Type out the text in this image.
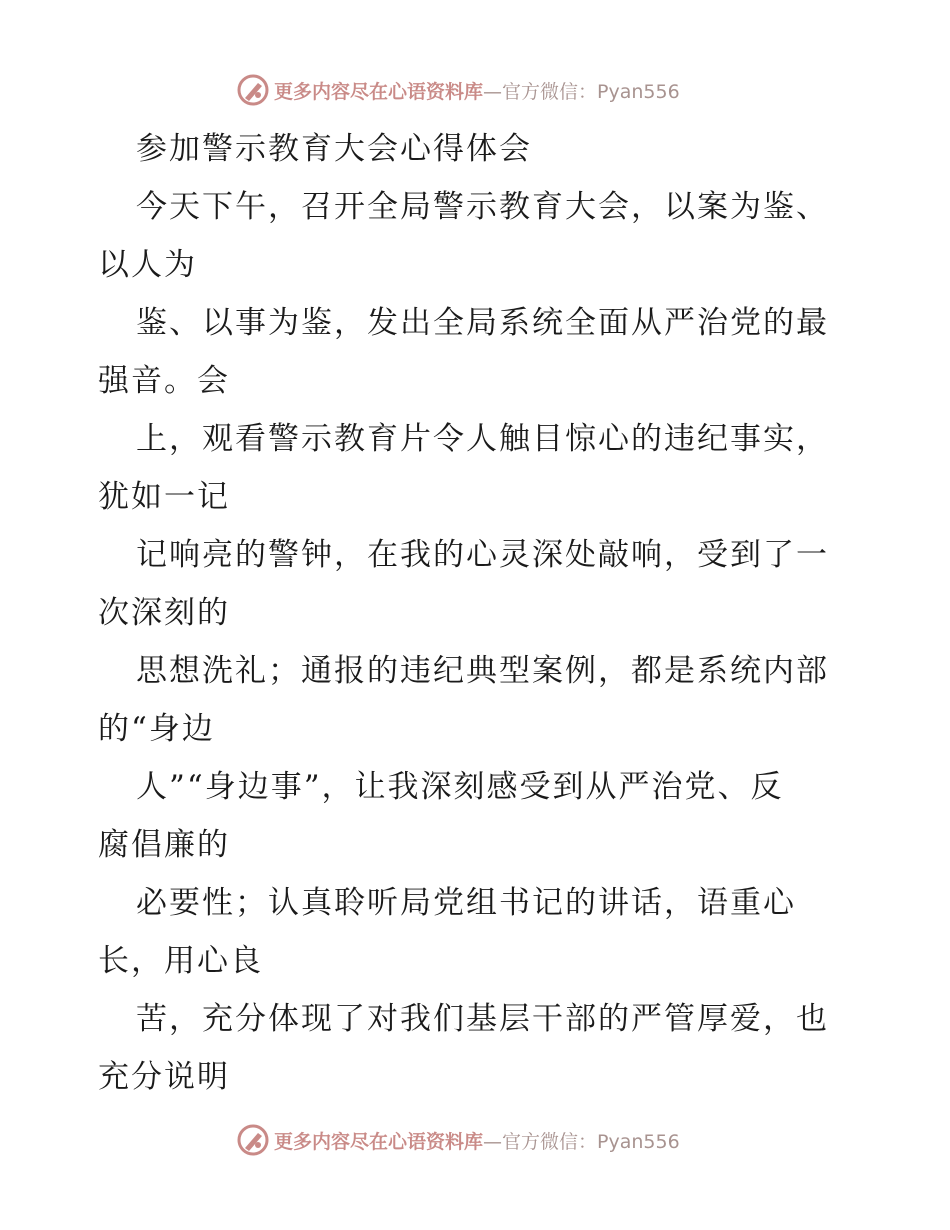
更多内容尽在心语资料库 —官方微信：Pyan556
参加警示教育大会心得体会
今天下午，召开全局警示教育大会，以案为鉴、
以人为
鉴、以事为鉴，发出全局系统全面从严治党的最
强音。会
上，观看警示教育片令人触目惊心的违纪事实，
犹如一记
记响亮的警钟，在我的心灵深处敲响，受到了一
次深刻的
思想洗礼；通报的违纪典型案例，都是系统内部
的“身边
人”“身边事”，让我深刻感受到从严治党、反
腐倡廉的
必要性；认真聆听局党组书记的讲话，语重心
长，用心良
苦，充分体现了对我们基层干部的严管厚爱，也
充分说明
更多内容尽在心语资料库 —官方微信：Pyan556
